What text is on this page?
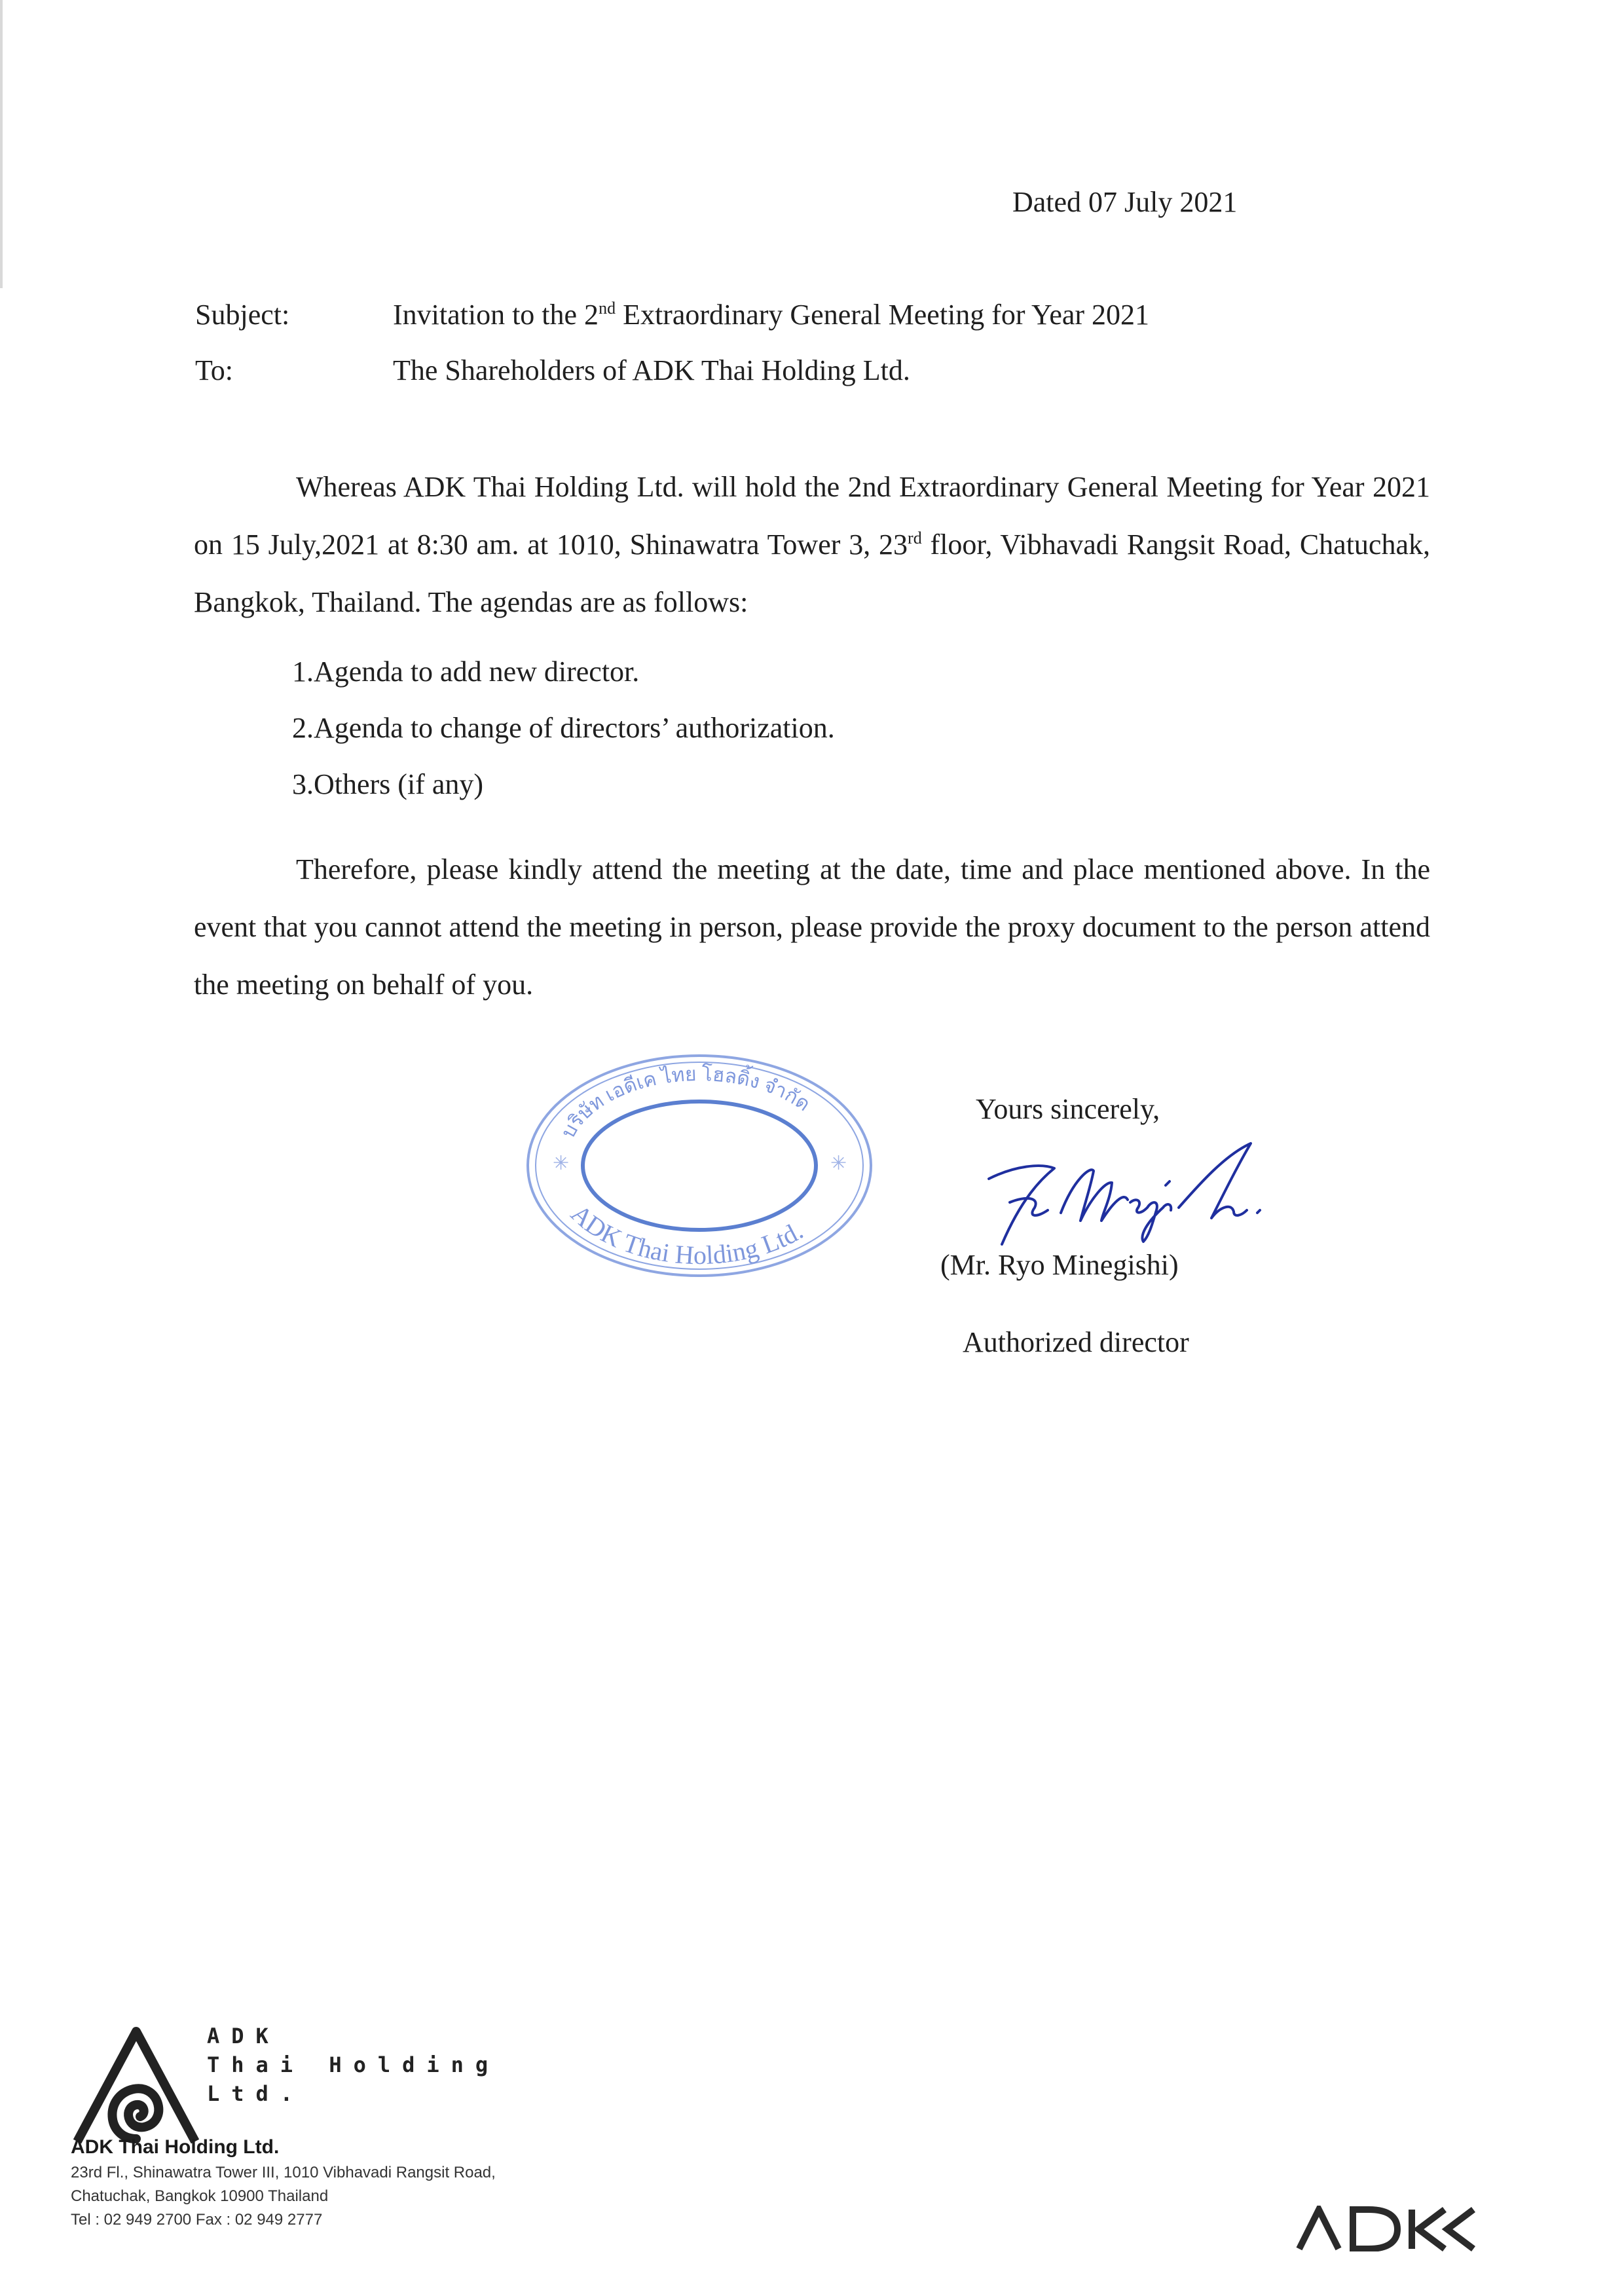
Dated 07 July 2021
Subject:	Invitation to the 2nd Extraordinary General Meeting for Year 2021
To:	The Shareholders of ADK Thai Holding Ltd.

Whereas ADK Thai Holding Ltd. will hold the 2nd Extraordinary General Meeting for Year 2021 on 15 July,2021 at 8:30 am. at 1010, Shinawatra Tower 3, 23rd floor, Vibhavadi Rangsit Road, Chatuchak, Bangkok, Thailand. The agendas are as follows:

1.Agenda to add new director.
2.Agenda to change of directors’ authorization.
3.Others (if any)

Therefore, please kindly attend the meeting at the date, time and place mentioned above. In the event that you cannot attend the meeting in person, please provide the proxy document to the person attend the meeting on behalf of you.

บริษัท เอดีเค ไทย โฮลดิ้ง จำกัด
ADK Thai Holding Ltd.
✳	✳
Yours sincerely,
(Mr. Ryo Minegishi)
Authorized director
ADK
Thai Holding
Ltd.
ADK Thai Holding Ltd.
23rd Fl., Shinawatra Tower III, 1010 Vibhavadi Rangsit Road,
Chatuchak, Bangkok 10900 Thailand
Tel : 02 949 2700 Fax : 02 949 2777
